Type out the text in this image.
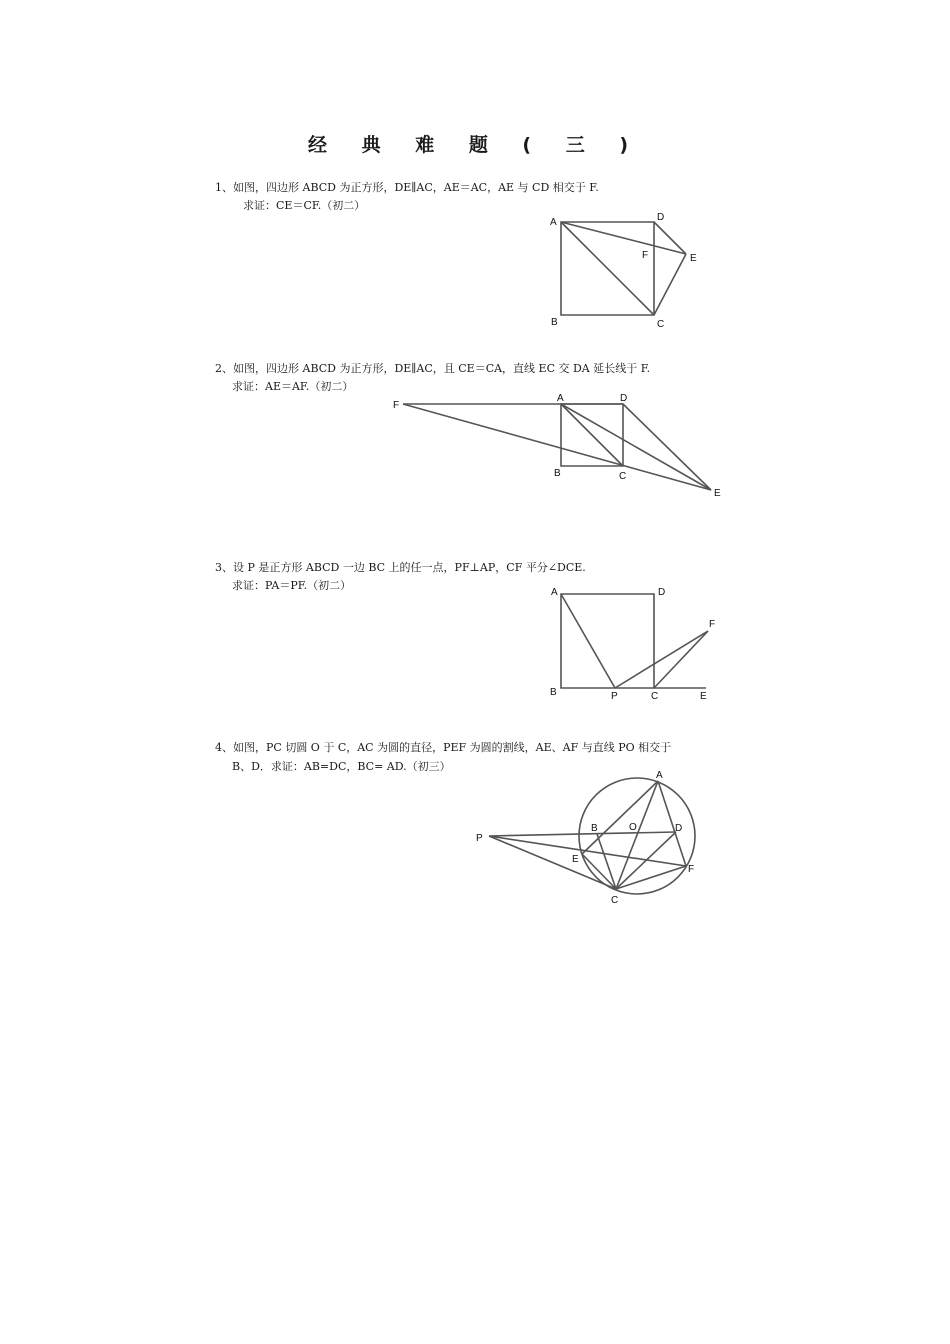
经 典 难 题 ( 三 )

1、如图，四边形 ABCD 为正方形，DE∥AC，AE＝AC，AE 与 CD 相交于 F.

求证：CE＝CF.（初二）

A	D
F	E
B	C

2、如图，四边形 ABCD 为正方形，DE∥AC，且 CE＝CA，直线 EC 交 DA 延长线于 F.

求证：AE＝AF.（初二）

F
A	D
B	C
E

3、设 P 是正方形 ABCD 一边 BC 上的任一点，PF⊥AP，CF 平分∠DCE.

求证：PA＝PF.（初二）

A	D
F
B	P	C	E

4、如图，PC 切圆 O 于 C，AC 为圆的直径，PEF 为圆的割线，AE、AF 与直线 PO 相交于

B、D．求证：AB=DC，BC= AD.（初三）

A
P
B	O	D
E
F
C
